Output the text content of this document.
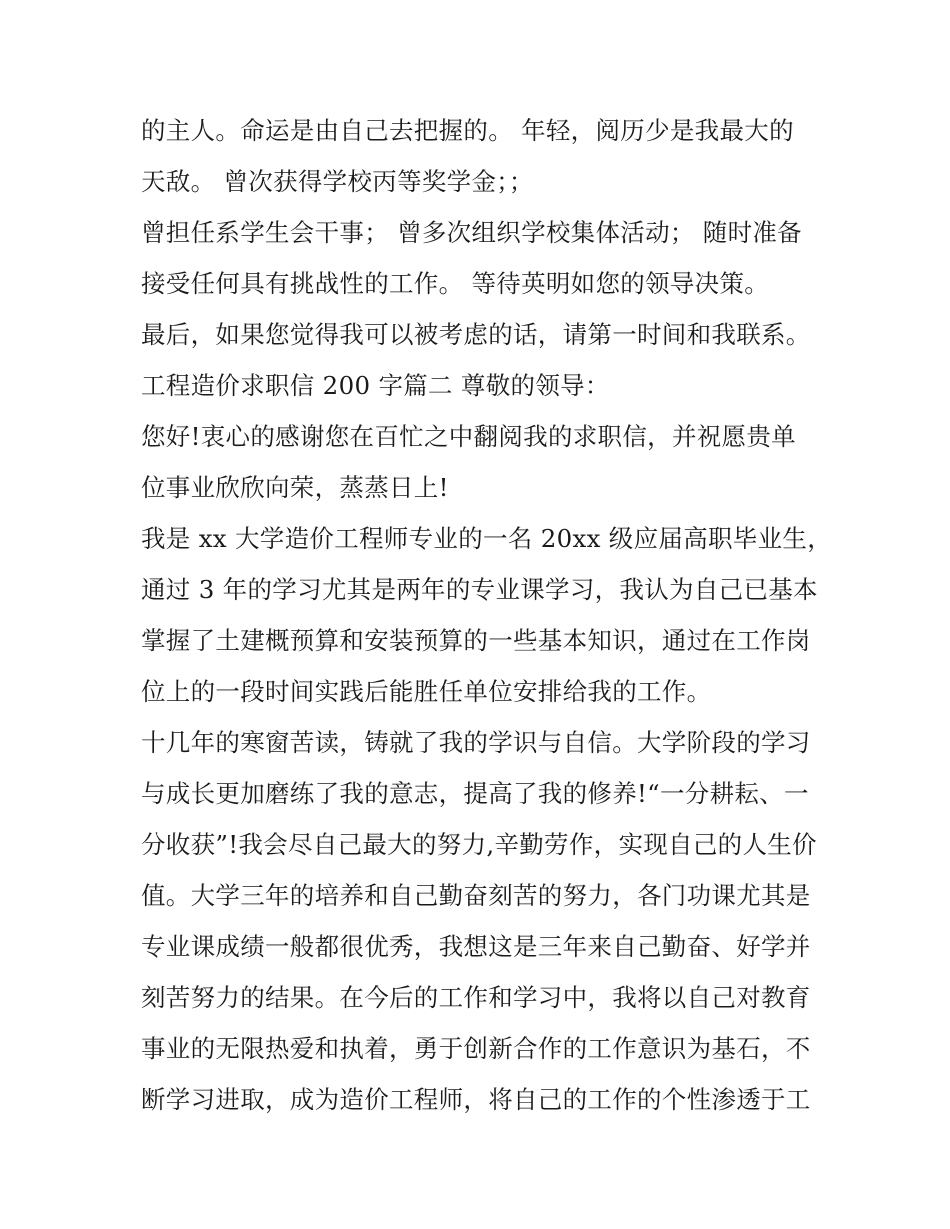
的主人。命运是由自己去把握的。 年轻，阅历少是我最大的
天敌。 曾次获得学校丙等奖学金；；
曾担任系学生会干事； 曾多次组织学校集体活动； 随时准备
接受任何具有挑战性的工作。 等待英明如您的领导决策。
最后，如果您觉得我可以被考虑的话，请第一时间和我联系。
工程造价求职信 200 字篇二 尊敬的领导：
您好!衷心的感谢您在百忙之中翻阅我的求职信，并祝愿贵单
位事业欣欣向荣，蒸蒸日上!
我是 xx 大学造价工程师专业的一名 20xx 级应届高职毕业生，
通过 3 年的学习尤其是两年的专业课学习，我认为自己已基本
掌握了土建概预算和安装预算的一些基本知识，通过在工作岗
位上的一段时间实践后能胜任单位安排给我的工作。
十几年的寒窗苦读，铸就了我的学识与自信。大学阶段的学习
与成长更加磨练了我的意志，提高了我的修养!“一分耕耘、一
分收获”!我会尽自己最大的努力,辛勤劳作，实现自己的人生价
值。大学三年的培养和自己勤奋刻苦的努力，各门功课尤其是
专业课成绩一般都很优秀，我想这是三年来自己勤奋、好学并
刻苦努力的结果。在今后的工作和学习中，我将以自己对教育
事业的无限热爱和执着，勇于创新合作的工作意识为基石，不
断学习进取，成为造价工程师，将自己的工作的个性渗透于工
